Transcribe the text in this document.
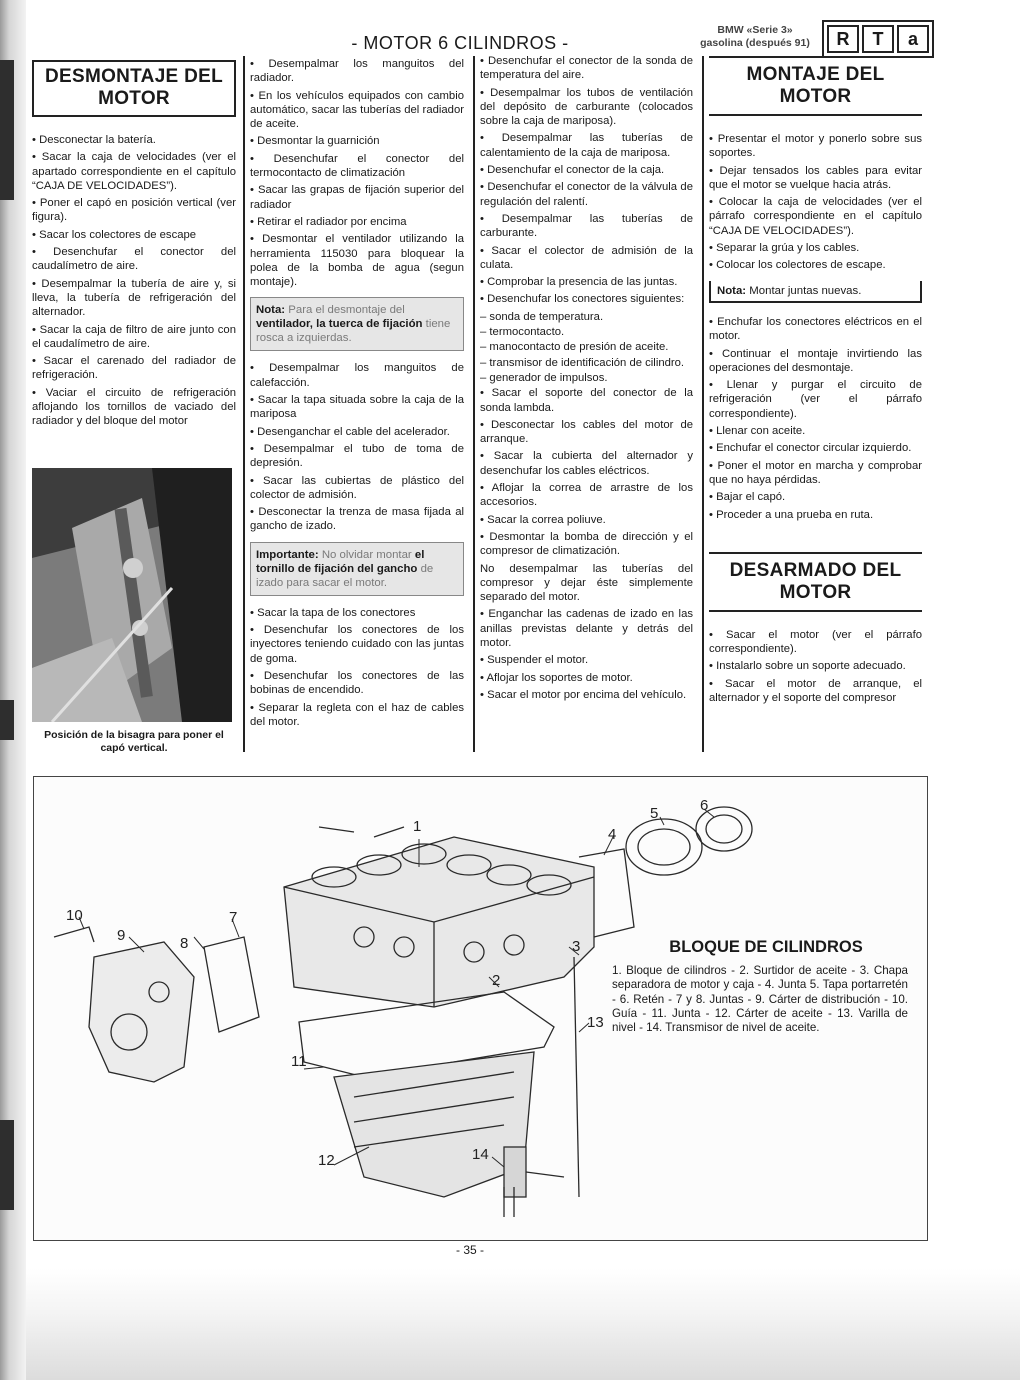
- MOTOR 6 CILINDROS -
BMW «Serie 3»
gasolina (después 91)	R	T	a
DESMONTAJE DEL MOTOR

• Desconectar la batería.

• Sacar la caja de velocidades (ver el apartado correspondiente en el capítulo “CAJA DE VELOCIDADES”).

• Poner el capó en posición vertical (ver figura).

• Sacar los colectores de escape

• Desenchufar el conector del caudalímetro de aire.

• Desempalmar la tubería de aire y, si lleva, la tubería de refrigeración del alternador.

• Sacar la caja de filtro de aire junto con el caudalímetro de aire.

• Sacar el carenado del radiador de refrigeración.

• Vaciar el circuito de refrigeración aflojando los tornillos de vaciado del radiador y del bloque del motor

Posición de la bisagra para poner el capó vertical.

• Desempalmar los manguitos del radiador.

• En los vehículos equipados con cambio automático, sacar las tuberías del radiador de aceite.

• Desmontar la guarnición

• Desenchufar el conector del termocontacto de climatización

• Sacar las grapas de fijación superior del radiador

• Retirar el radiador por encima

• Desmontar el ventilador utilizando la herramienta 115030 para bloquear la polea de la bomba de agua (segun montaje).

Nota: Para el desmontaje del ventilador, la tuerca de fijación tiene rosca a izquierdas.

• Desempalmar los manguitos de calefacción.

• Sacar la tapa situada sobre la caja de la mariposa

• Desenganchar el cable del acelerador.

• Desempalmar el tubo de toma de depresión.

• Sacar las cubiertas de plástico del colector de admisión.

• Desconectar la trenza de masa fijada al gancho de izado.

Importante: No olvidar montar el tornillo de fijación del gancho de izado para sacar el motor.

• Sacar la tapa de los conectores

• Desenchufar los conectores de los inyectores teniendo cuidado con las juntas de goma.

• Desenchufar los conectores de las bobinas de encendido.

• Separar la regleta con el haz de cables del motor.

• Desenchufar el conector de la sonda de temperatura del aire.

• Desempalmar los tubos de ventilación del depósito de carburante (colocados sobre la caja de mariposa).

• Desempalmar las tuberías de calentamiento de la caja de mariposa.

• Desenchufar el conector de la caja.

• Desenchufar el conector de la válvula de regulación del ralentí.

• Desempalmar las tuberías de carburante.

• Sacar el colector de admisión de la culata.

• Comprobar la presencia de las juntas.

• Desenchufar los conectores siguientes:

– sonda de temperatura.

– termocontacto.

– manocontacto de presión de aceite.

– transmisor de identificación de cilindro.

– generador de impulsos.

• Sacar el soporte del conector de la sonda lambda.

• Desconectar los cables del motor de arranque.

• Sacar la cubierta del alternador y desenchufar los cables eléctricos.

• Aflojar la correa de arrastre de los accesorios.

• Sacar la correa poliuve.

• Desmontar la bomba de dirección y el compresor de climatización.

No desempalmar las tuberías del compresor y dejar éste simplemente separado del motor.

• Enganchar las cadenas de izado en las anillas previstas delante y detrás del motor.

• Suspender el motor.

• Aflojar los soportes de motor.

• Sacar el motor por encima del vehículo.

MONTAJE DEL MOTOR

• Presentar el motor y ponerlo sobre sus soportes.

• Dejar tensados los cables para evitar que el motor se vuelque hacia atrás.

• Colocar la caja de velocidades (ver el párrafo correspondiente en el capítulo “CAJA DE VELOCIDADES”).

• Separar la grúa y los cables.

• Colocar los colectores de escape.

Nota: Montar juntas nuevas.

• Enchufar los conectores eléctricos en el motor.

• Continuar el montaje invirtiendo las operaciones del desmontaje.

• Llenar y purgar el circuito de refrigeración (ver el párrafo correspondiente).

• Llenar con aceite.

• Enchufar el conector circular izquierdo.

• Poner el motor en marcha y comprobar que no haya pérdidas.

• Bajar el capó.

• Proceder a una prueba en ruta.

DESARMADO DEL MOTOR

• Sacar el motor (ver el párrafo correspondiente).

• Instalarlo sobre un soporte adecuado.

• Sacar el motor de arranque, el alternador y el soporte del compresor

1
2
3
4
5	6
7
8
9
10
11
12
13
14
BLOQUE DE CILINDROS
1. Bloque de cilindros - 2. Surtidor de aceite - 3. Chapa separadora de motor y caja - 4. Junta 5. Tapa portarretén - 6. Retén - 7 y 8. Juntas - 9. Cárter de distribución - 10. Guía - 11. Junta - 12. Cárter de aceite - 13. Varilla de nivel - 14. Transmisor de nivel de aceite.
- 35 -
